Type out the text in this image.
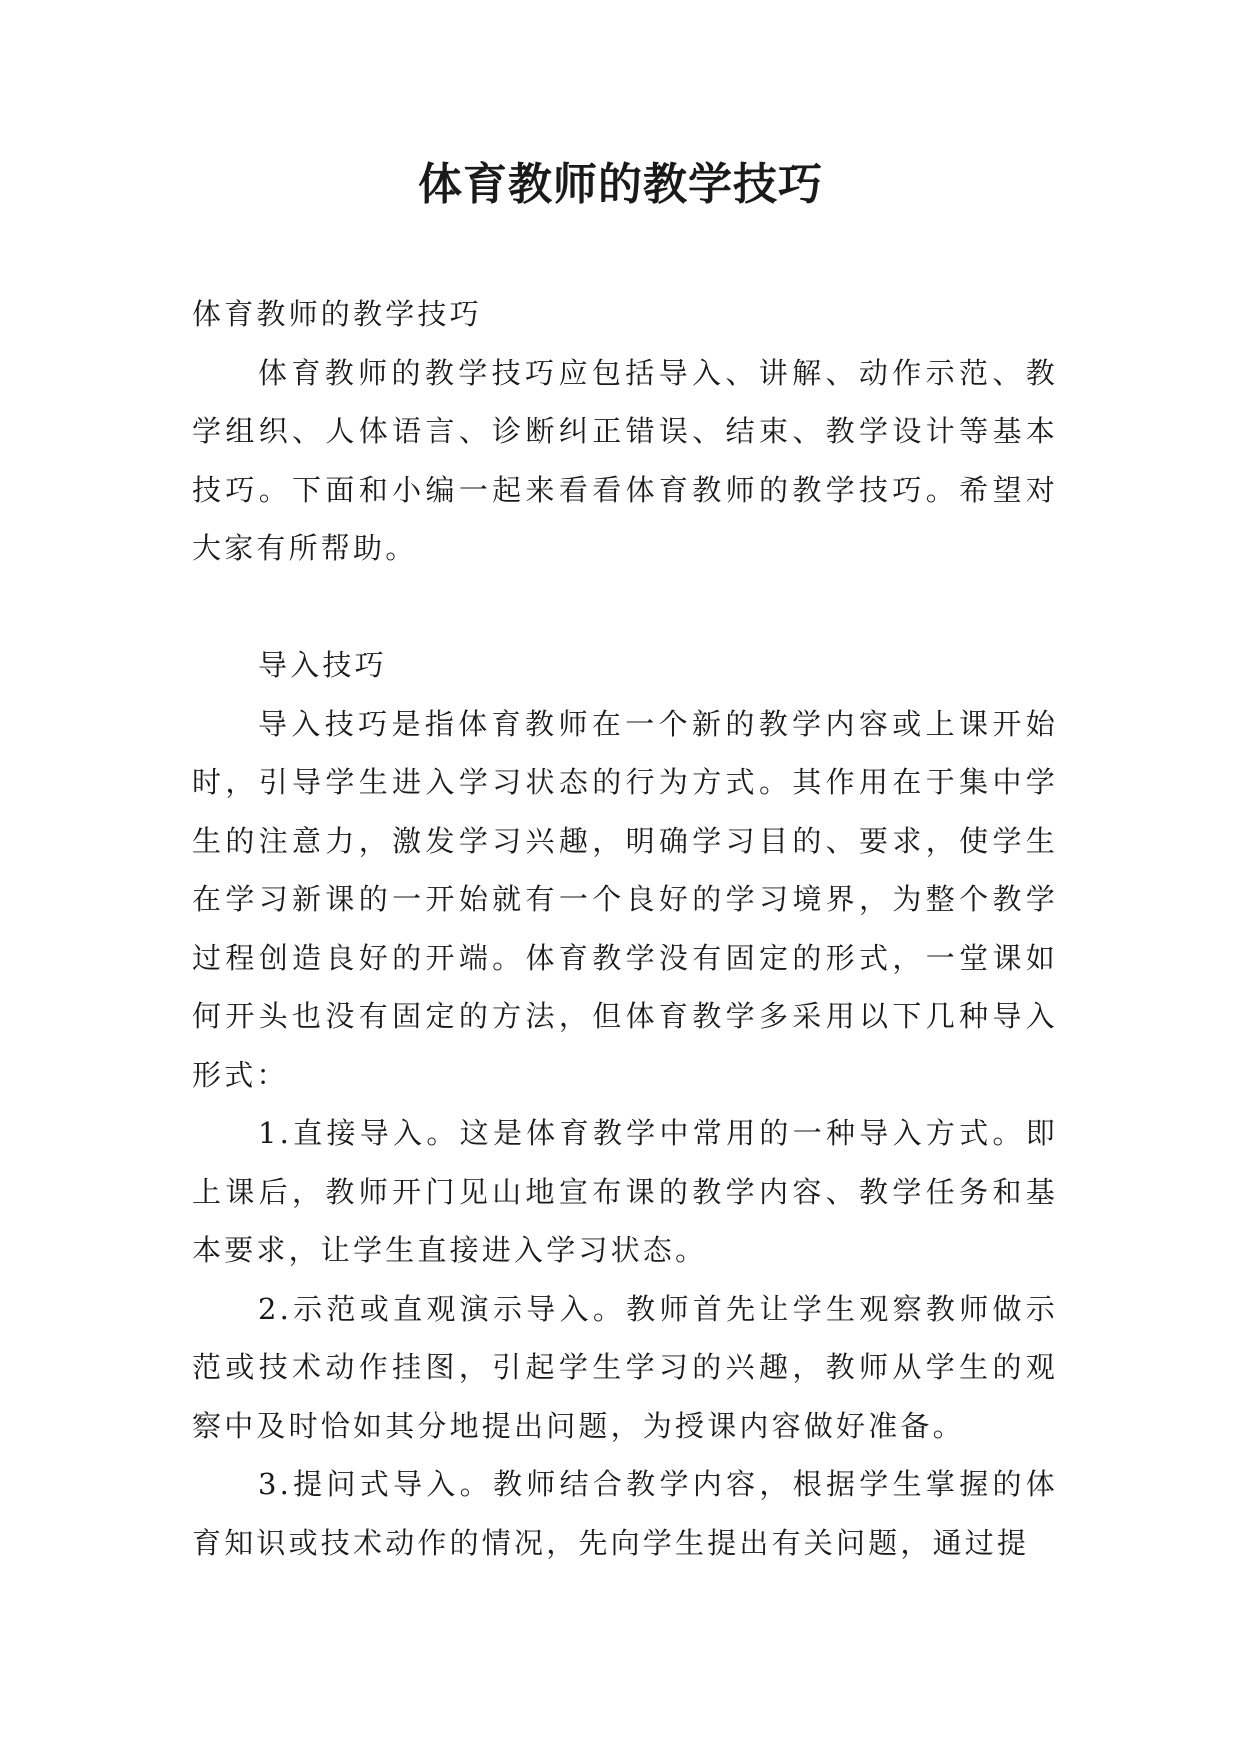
体育教师的教学技巧

体育教师的教学技巧

体育教师的教学技巧应包括导入、讲解、动作示范、教学组织、人体语言、诊断纠正错误、结束、教学设计等基本技巧。下面和小编一起来看看体育教师的教学技巧。希望对大家有所帮助。

导入技巧

导入技巧是指体育教师在一个新的教学内容或上课开始时，引导学生进入学习状态的行为方式。其作用在于集中学生的注意力，激发学习兴趣，明确学习目的、要求，使学生在学习新课的一开始就有一个良好的学习境界，为整个教学过程创造良好的开端。体育教学没有固定的形式，一堂课如何开头也没有固定的方法，但体育教学多采用以下几种导入形式：

1.直接导入。这是体育教学中常用的一种导入方式。即上课后，教师开门见山地宣布课的教学内容、教学任务和基本要求，让学生直接进入学习状态。

2.示范或直观演示导入。教师首先让学生观察教师做示范或技术动作挂图，引起学生学习的兴趣，教师从学生的观察中及时恰如其分地提出问题，为授课内容做好准备。

3.提问式导入。教师结合教学内容，根据学生掌握的体育知识或技术动作的情况，先向学生提出有关问题，通过提
